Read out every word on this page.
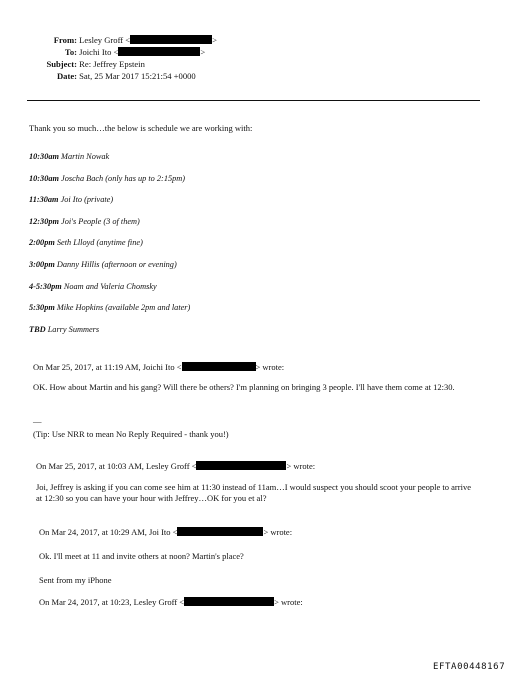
From: Lesley Groff <	>
To: Joichi Ito <	>
Subject: Re: Jeffrey Epstein
Date: Sat, 25 Mar 2017 15:21:54 +0000
Thank you so much…the below is schedule we are working with:
10:30am Martin Nowak
10:30am Joscha Bach (only has up to 2:15pm)
11:30am Joi Ito (private)
12:30pm Joi's People (3 of them)
2:00pm Seth Llloyd (anytime fine)
3:00pm Danny Hillis (afternoon or evening)
4-5:30pm Noam and Valeria Chomsky
5:30pm Mike Hopkins (available 2pm and later)
TBD Larry Summers
On Mar 25, 2017, at 11:19 AM, Joichi Ito <	> wrote:
OK. How about Martin and his gang? Will there be others? I'm planning on bringing 3 people. I'll have them come at 12:30.
—
(Tip: Use NRR to mean No Reply Required - thank you!)
On Mar 25, 2017, at 10:03 AM, Lesley Groff <	> wrote:
Joi, Jeffrey is asking if you can come see him at 11:30 instead of 11am…I would suspect you should scoot your people to arrive at 12:30 so you can have your hour with Jeffrey…OK for you et al?
On Mar 24, 2017, at 10:29 AM, Joi Ito <	> wrote:
Ok. I'll meet at 11 and invite others at noon? Martin's place?
Sent from my iPhone
On Mar 24, 2017, at 10:23, Lesley Groff <	> wrote:
EFTA00448167
